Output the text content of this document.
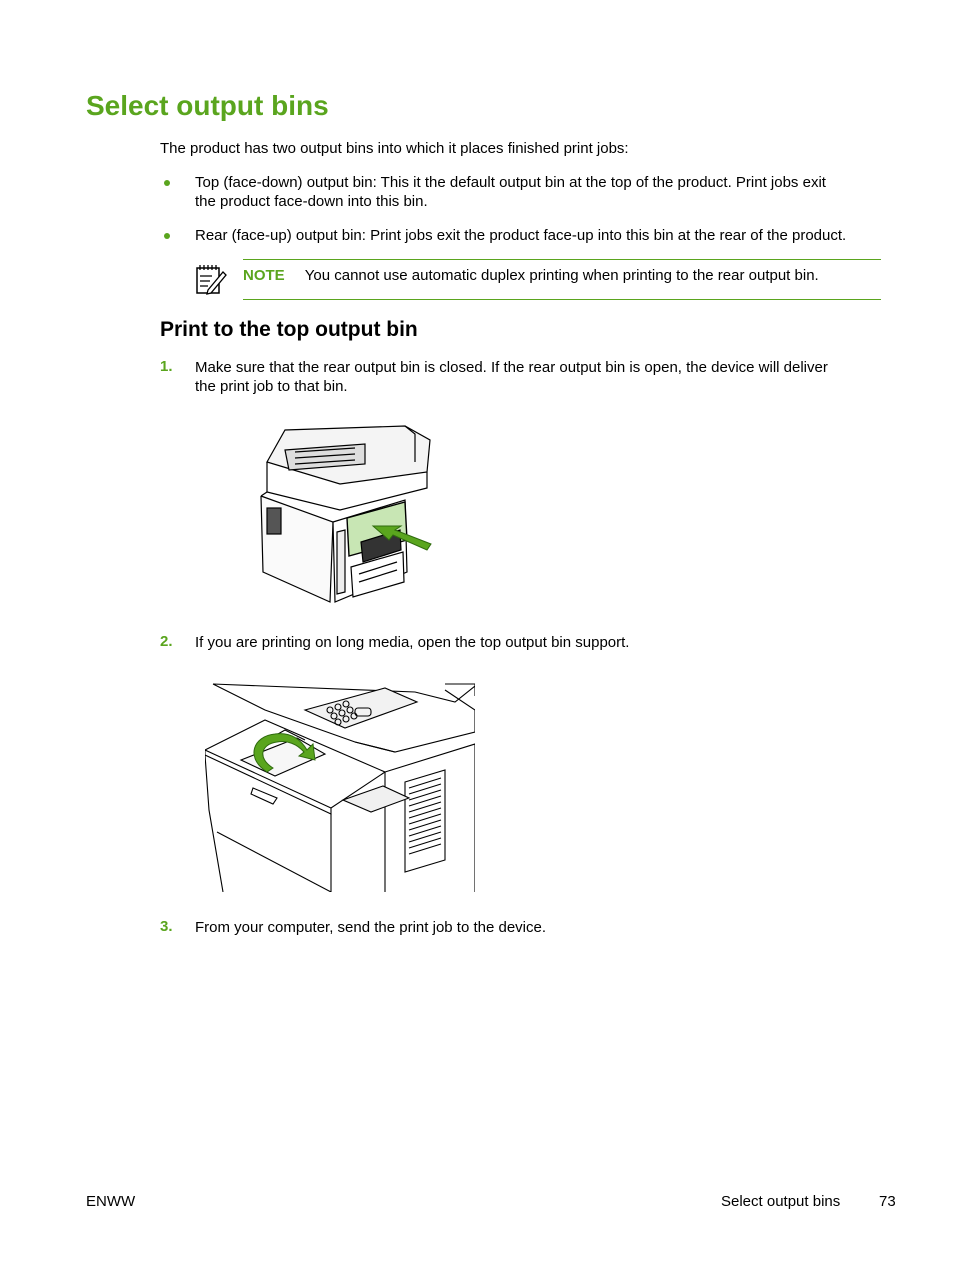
Select output bins
The product has two output bins into which it places finished print jobs:
Top (face-down) output bin: This it the default output bin at the top of the product. Print jobs exit
the product face-down into this bin.
Rear (face-up) output bin: Print jobs exit the product face-up into this bin at the rear of the product.
NOTE You cannot use automatic duplex printing when printing to the rear output bin.
Print to the top output bin
1. Make sure that the rear output bin is closed. If the rear output bin is open, the device will deliver
the print job to that bin.
2. If you are printing on long media, open the top output bin support.
3. From your computer, send the print job to the device.
ENWW	Select output bins	73
